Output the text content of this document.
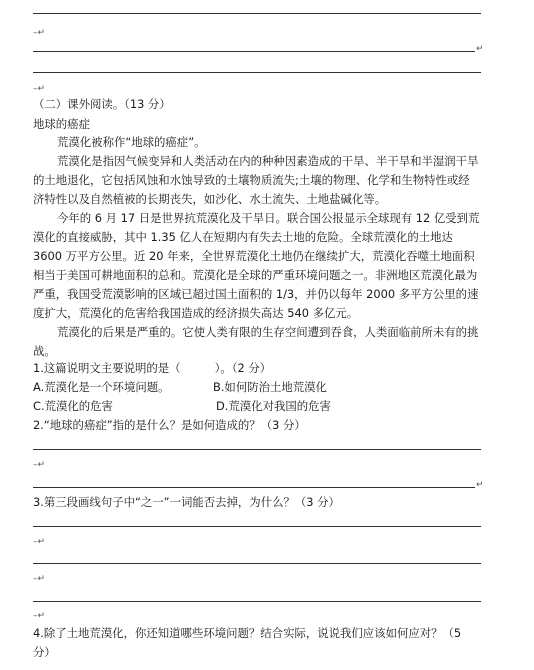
–↵
↵
–↵
（二）课外阅读。（13 分）
地球的癌症
荒漠化被称作“地球的癌症”。
荒漠化是指因气候变异和人类活动在内的种种因素造成的干旱、半干旱和半湿润干旱的土地退化，它包括风蚀和水蚀导致的土壤物质流失;土壤的物理、化学和生物特性或经济特性以及自然植被的长期丧失，如沙化、水土流失、土地盐碱化等。
今年的 6 月 17 日是世界抗荒漠化及干旱日。联合国公报显示全球现有 12 亿受到荒漠化的直接威胁，其中 1.35 亿人在短期内有失去土地的危险。全球荒漠化的土地达 3600 万平方公里。近 20 年来，全世界荒漠化土地仍在继续扩大，荒漠化吞噬土地面积相当于美国可耕地面积的总和。荒漠化是全球的严重环境问题之一。非洲地区荒漠化最为严重，我国受荒漠影响的区域已超过国土面积的 1/3，并仍以每年 2000 多平方公里的速度扩大，荒漠化的危害给我国造成的经济损失高达 540 多亿元。
荒漠化的后果是严重的。它使人类有限的生存空间遭到吞食，人类面临前所未有的挑战。
1.这篇说明文主要说明的是（　　　）。（2 分）
A.荒漠化是一个环境问题。	B.如何防治土地荒漠化
C.荒漠化的危害	D.荒漠化对我国的危害
2.“地球的癌症”指的是什么？是如何造成的？（3 分）
–↵
↵
3.第三段画线句子中“之一”一词能否去掉，为什么？（3 分）
–↵
–↵
–↵
4.除了土地荒漠化，你还知道哪些环境问题？结合实际，说说我们应该如何应对？（5 分）
